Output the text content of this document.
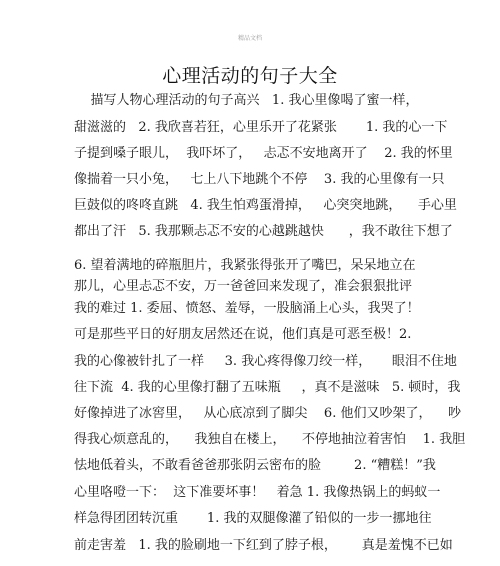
精品文档
心理活动的句子大全
描写人物心理活动的句子高兴   1. 我心里像喝了蜜一样，
甜滋滋的   2. 我欣喜若狂，心里乐开了花紧张       1. 我的心一下
子提到嗓子眼儿，  我吓坏了，   忐忑不安地离开了    2. 我的怀里
像揣着一只小兔，   七上八下地跳个不停    3. 我的心里像有一只
巨鼓似的咚咚直跳   4. 我生怕鸡蛋滑掉，   心突突地跳，    手心里
都出了汗   5. 我那颗忐忑不安的心越跳越快      ，我不敢往下想了
6. 望着满地的碎瓶胆片，我紧张得张开了嘴巴，呆呆地立在
那儿，心里忐忑不安，万一爸爸回来发现了，准会狠狠批评
我的难过 1. 委屈、愤怒、羞辱，一股脑涌上心头，我哭了！
可是那些平日的好朋友居然还在说，他们真是可恶至极！2.
我的心像被针扎了一样     3. 我心疼得像刀绞一样，     眼泪不住地
往下流  4. 我的心里像打翻了五味瓶     ，真不是滋味   5. 顿时，我
好像掉进了冰窖里，   从心底凉到了脚尖    6. 他们又吵架了，    吵
得我心烦意乱的，    我独自在楼上，    不停地抽泣着害怕    1. 我胆
怯地低着头，不敢看爸爸那张阴云密布的脸        2. “糟糕！”我
心里咯噔一下：  这下准要坏事！   着急 1. 我像热锅上的蚂蚁一
样急得团团转沉重       1. 我的双腿像灌了铅似的一步一挪地往
前走害羞   1. 我的脸刷地一下红到了脖子根，      真是羞愧不已如
